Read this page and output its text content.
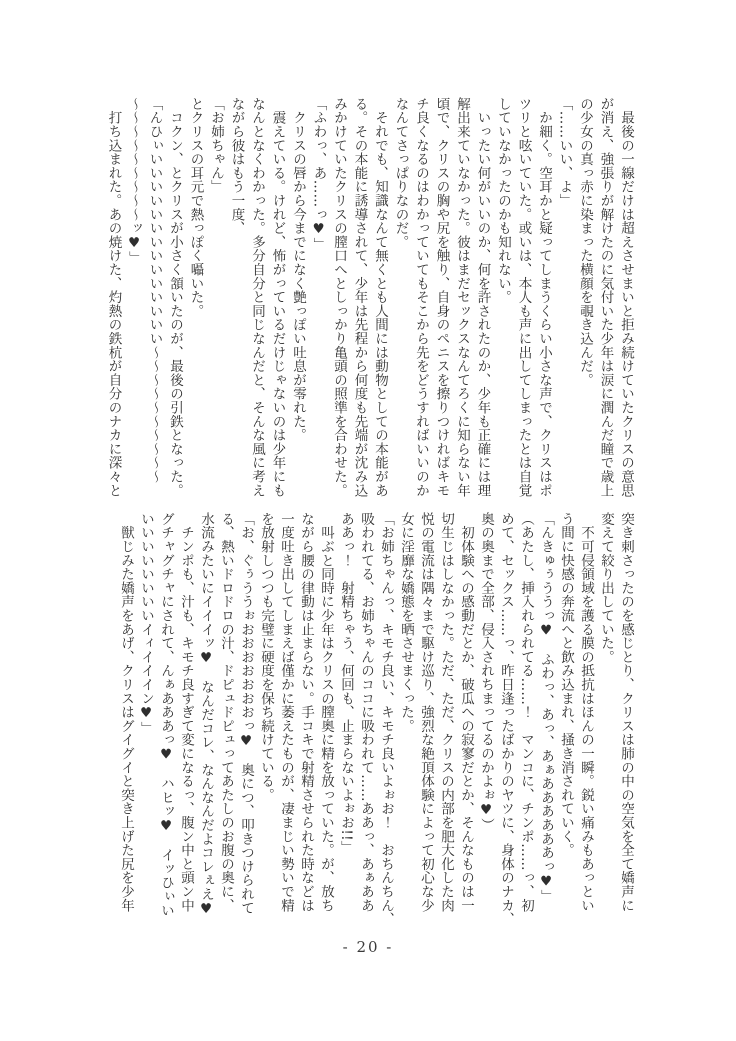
　最後の一線だけは超えさせまいと拒み続けていたクリスの意思
が消え、強張りが解けたのに気付いた少年は涙に潤んだ瞳で歳上
の少女の真っ赤に染まった横顔を覗き込んだ。
「……いい、よ」
　か細く。空耳かと疑ってしまうくらい小さな声で、クリスはポ
ツリと呟いていた。或いは、本人も声に出してしまったとは自覚
していなかったのかも知れない。
　いったい何がいいのか、何を許されたのか、少年も正確には理
解出来ていなかった。彼はまだセックスなんてろくに知らない年
頃で、クリスの胸や尻を触り、自身のペニスを擦りつければキモ
チ良くなるのはわかっていてもそこから先をどうすればいいのか
なんてさっぱりなのだ。
　それでも、知識なんて無くとも人間には動物としての本能があ
る。その本能に誘導されて、少年は先程から何度も先端が沈み込
みかけていたクリスの膣口へとしっかり亀頭の照準を合わせた。
「ふわっ、あ……っ♥」
　クリスの唇から今までになく艶っぽい吐息が零れた。
　震えている。けれど、怖がっているだけじゃないのは少年にも
なんとなくわかった。多分自分と同じなんだと、そんな風に考え
ながら彼はもう一度、
「お姉ちゃん」
とクリスの耳元で熱っぽく囁いた。
　コクン、とクリスが小さく頷いたのが、最後の引鉄となった。
「んひぃいいいいいいいいいいいいいい～～～～～～～～～～
～～～～～～～～～ッ♥」
　打ち込まれた。あの焼けた、灼熱の鉄杭が自分のナカに深々と
突き刺さったのを感じとり、クリスは肺の中の空気を全て嬌声に
変えて絞り出していた。
　不可侵領域を護る膜の抵抗はほんの一瞬。鋭い痛みもあっとい
う間に快感の奔流へと飲み込まれ、掻き消されていく。
「んきゅぅううっ♥　ふわっ、あっ、あぁああああああっ♥」
（あたし、挿入れられてる……！　マンコに、チンポ……っ、初
めて、セックス……っ、昨日逢ったばかりのヤツに、身体のナカ、
奥の奥まで全部、侵入されちまってるのかよぉ♥）
　初体験への感動だとか、破瓜への寂寥だとか、そんなものは一
切生じはしなかった。ただ、ただ、クリスの内部を肥大化した肉
悦の電流は隅々まで駆け巡り、強烈な絶頂体験によって初心な少
女に淫靡な嬌態を晒させまくった。
「お姉ちゃんっ、キモチ良い、キモチ良いよぉお！　おちんちん、
吸われてる、お姉ちゃんのココに吸われて……ああっ、あぁああ
ああっ！　射精ちゃう、何回も、止まらないよぉお!!」
　叫ぶと同時に少年はクリスの膣奥に精を放っていた。が、放ち
ながら腰の律動は止まらない。手コキで射精させられた時などは
一度吐き出してしまえば僅かに萎えたものが、凄まじい勢いで精
を放射しつつも完璧に硬度を保ち続けている。
「お、ぐぅううぉおおおおおおおっ♥　奥につ、叩きつけられて
る、熱いドロドロの汁、ドピュドピュってあたしのお腹の奥に、
水流みたいにイイイッ♥　なんだコレ、なんなんだよコレぇえ♥
　チンポも、汁も、キモチ良すぎて変になるっ、腹ン中と頭ン中
グチャグチャにされて、んぁあああっ♥　ハヒッ♥　イッひぃい
いいいいいいいいイィイイイン♥」
　獣じみた嬌声をあげ、クリスはグイグイと突き上げた尻を少年
- 20 -
